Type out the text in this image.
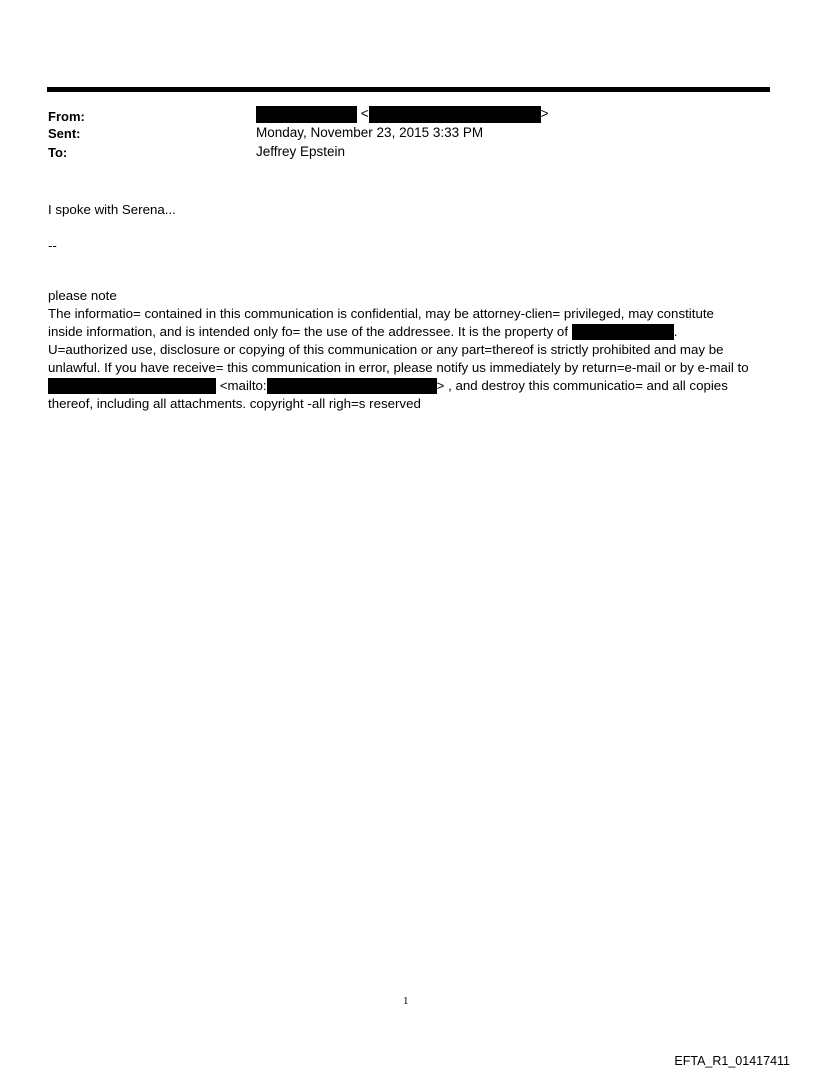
From:	<	>
Sent:	Monday, November 23, 2015 3:33 PM
To:	Jeffrey Epstein
I spoke with Serena...
--
please note
The informatio= contained in this communication is confidential, may be attorney-clien= privileged, may constitute
inside information, and is intended only fo= the use of the addressee. It is the property of	.
U=authorized use, disclosure or copying of this communication or any part=thereof is strictly prohibited and may be
unlawful. If you have receive= this communication in error, please notify us immediately by return=e-mail or by e-mail to
<mailto:	> , and destroy this communicatio= and all copies
thereof, including all attachments. copyright -all righ=s reserved
1
EFTA_R1_01417411
